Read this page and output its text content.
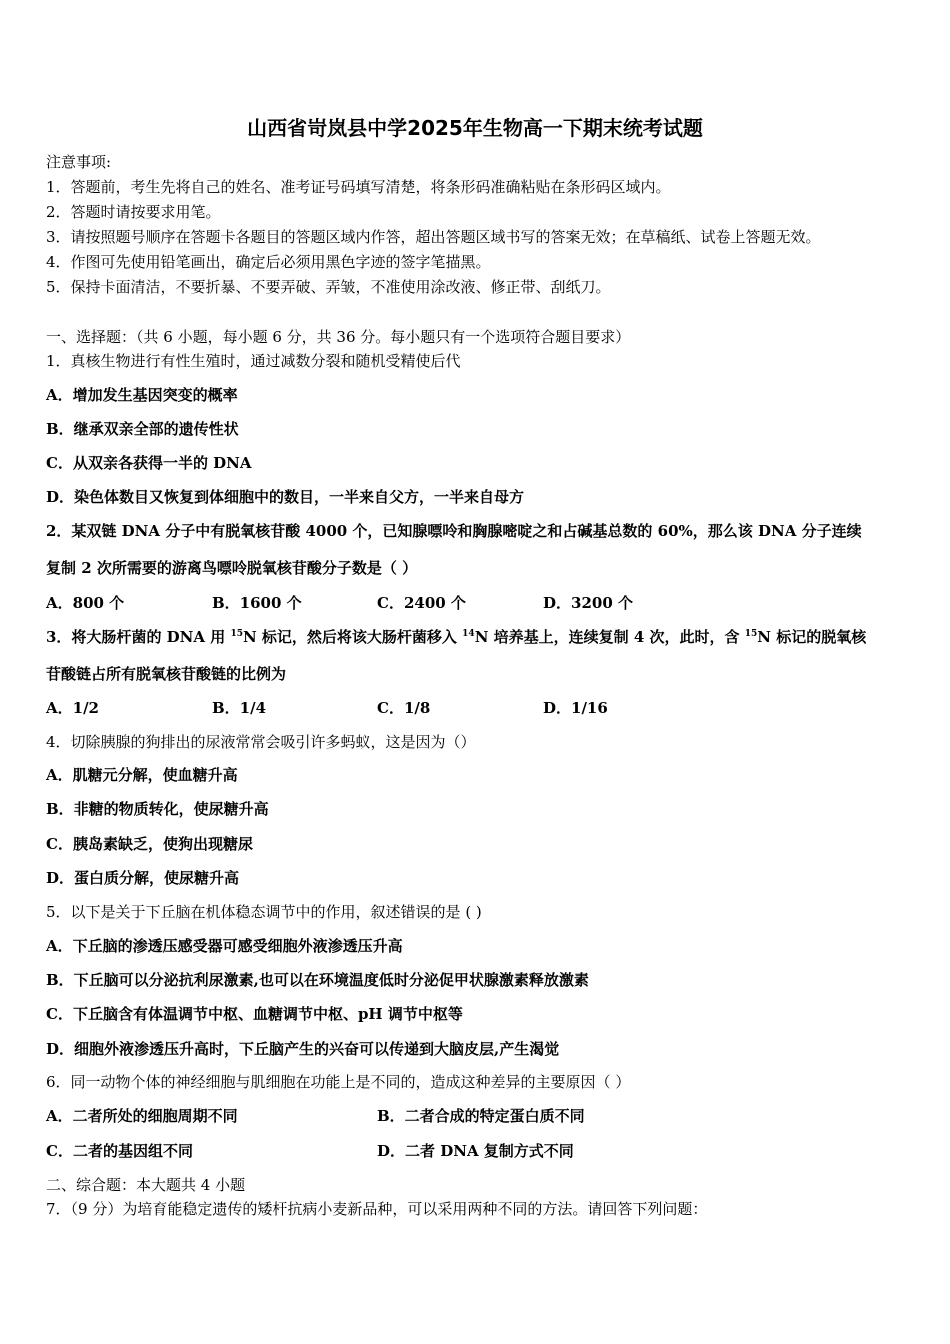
山西省岢岚县中学2025年生物高一下期末统考试题
注意事项:
1．答题前，考生先将自己的姓名、准考证号码填写清楚，将条形码准确粘贴在条形码区域内。
2．答题时请按要求用笔。
3．请按照题号顺序在答题卡各题目的答题区域内作答，超出答题区域书写的答案无效；在草稿纸、试卷上答题无效。
4．作图可先使用铅笔画出，确定后必须用黑色字迹的签字笔描黑。
5．保持卡面清洁，不要折暴、不要弄破、弄皱，不准使用涂改液、修正带、刮纸刀。
一、选择题：（共 6 小题，每小题 6 分，共 36 分。每小题只有一个选项符合题目要求）
1．真核生物进行有性生殖时，通过减数分裂和随机受精使后代
A．增加发生基因突变的概率
B．继承双亲全部的遗传性状
C．从双亲各获得一半的 DNA
D．染色体数目又恢复到体细胞中的数目，一半来自父方，一半来自母方
2．某双链 DNA 分子中有脱氧核苷酸 4000 个，已知腺嘌呤和胸腺嘧啶之和占碱基总数的 60%，那么该 DNA 分子连续
复制 2 次所需要的游离鸟嘌呤脱氧核苷酸分子数是（ ）
A．800 个	B．1600 个	C．2400 个	D．3200 个
3．将大肠杆菌的 DNA 用 $^{15}$N 标记，然后将该大肠杆菌移入 $^{14}$N 培养基上，连续复制 4 次，此时，含 $^{15}$N 标记的脱氧核
苷酸链占所有脱氧核苷酸链的比例为
A．1/2	B．1/4	C．1/8	D．1/16
4．切除胰腺的狗排出的尿液常常会吸引许多蚂蚁，这是因为（）
A．肌糖元分解，使血糖升高
B．非糖的物质转化，使尿糖升高
C．胰岛素缺乏，使狗出现糖尿
D．蛋白质分解，使尿糖升高
5．以下是关于下丘脑在机体稳态调节中的作用，叙述错误的是 ( )
A．下丘脑的渗透压感受器可感受细胞外液渗透压升高
B．下丘脑可以分泌抗利尿激素,也可以在环境温度低时分泌促甲状腺激素释放激素
C．下丘脑含有体温调节中枢、血糖调节中枢、pH 调节中枢等
D．细胞外液渗透压升高时，下丘脑产生的兴奋可以传递到大脑皮层,产生渴觉
6．同一动物个体的神经细胞与肌细胞在功能上是不同的，造成这种差异的主要原因（ ）
A．二者所处的细胞周期不同	B．二者合成的特定蛋白质不同
C．二者的基因组不同	D．二者 DNA 复制方式不同
二、综合题：本大题共 4 小题
7．（9 分）为培育能稳定遗传的矮杆抗病小麦新品种，可以采用两种不同的方法。请回答下列问题：
